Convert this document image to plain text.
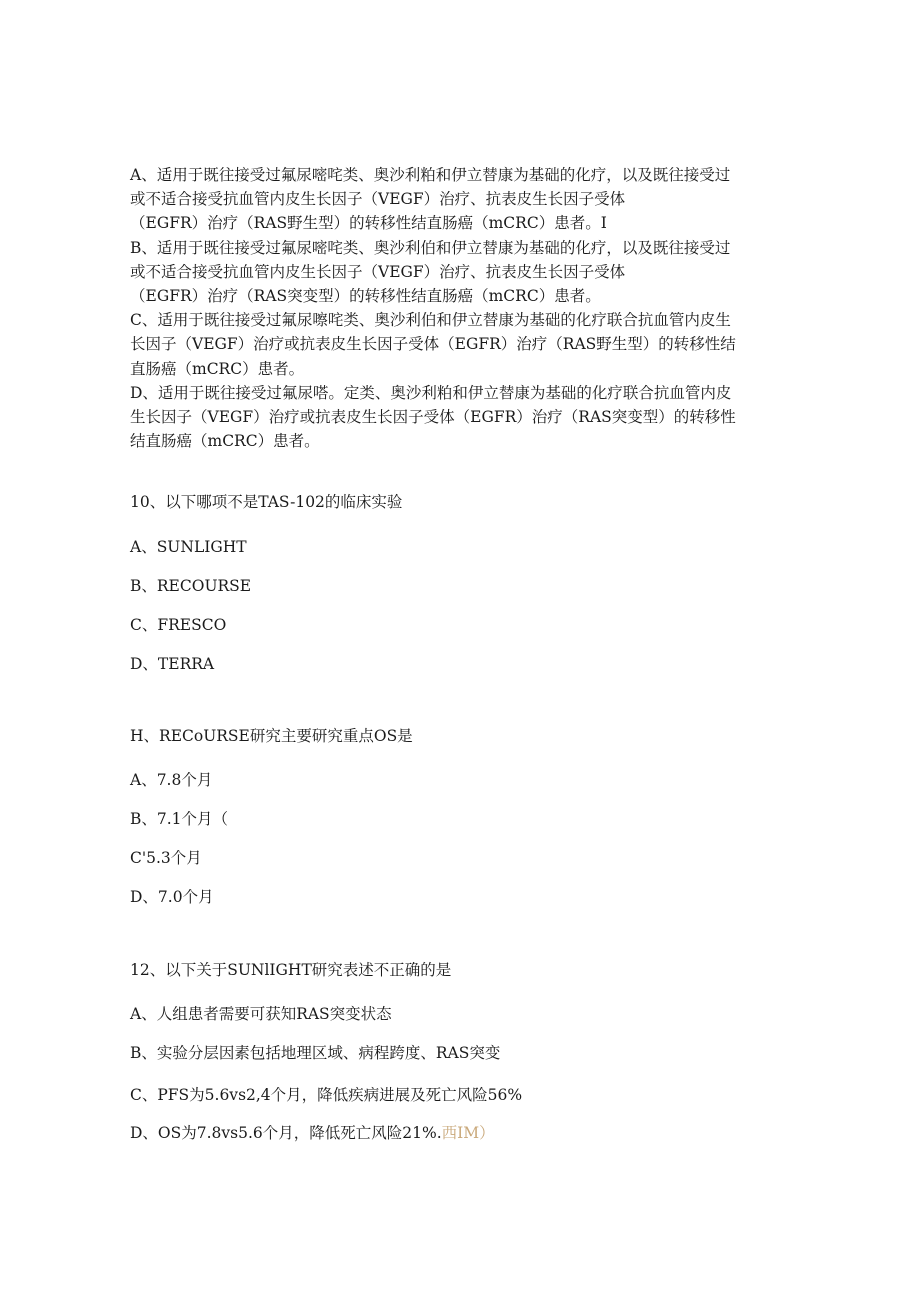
A、适用于既往接受过氟尿嘧咤类、奥沙利粕和伊立替康为基础的化疗，以及既往接受过
或不适合接受抗血管内皮生长因子（VEGF）治疗、抗表皮生长因子受体
（EGFR）治疗（RAS野生型）的转移性结直肠癌（mCRC）患者。I
B、适用于既往接受过氟尿嘧咤类、奥沙利伯和伊立替康为基础的化疗，以及既往接受过
或不适合接受抗血管内皮生长因子（VEGF）治疗、抗表皮生长因子受体
（EGFR）治疗（RAS突变型）的转移性结直肠癌（mCRC）患者。
C、适用于既往接受过氟尿嚓咤类、奥沙利伯和伊立替康为基础的化疗联合抗血管内皮生
长因子（VEGF）治疗或抗表皮生长因子受体（EGFR）治疗（RAS野生型）的转移性结
直肠癌（mCRC）患者。
D、适用于既往接受过氟尿嗒。定类、奥沙利粕和伊立替康为基础的化疗联合抗血管内皮
生长因子（VEGF）治疗或抗表皮生长因子受体（EGFR）治疗（RAS突变型）的转移性
结直肠癌（mCRC）患者。
10、以下哪项不是TAS-102的临床实验
A、SUNLIGHT
B、RECOURSE
C、FRESCO
D、TERRA
H、RECoURSE研究主要研究重点OS是
A、7.8个月
B、7.1个月（
C'5.3个月
D、7.0个月
12、以下关于SUNlIGHT研究表述不正确的是
A、人组患者需要可获知RAS突变状态
B、实验分层因素包括地理区域、病程跨度、RAS突变
C、PFS为5.6vs2,4个月，降低疾病进展及死亡风险56%
D、OS为7.8vs5.6个月，降低死亡风险21%.西IM）
